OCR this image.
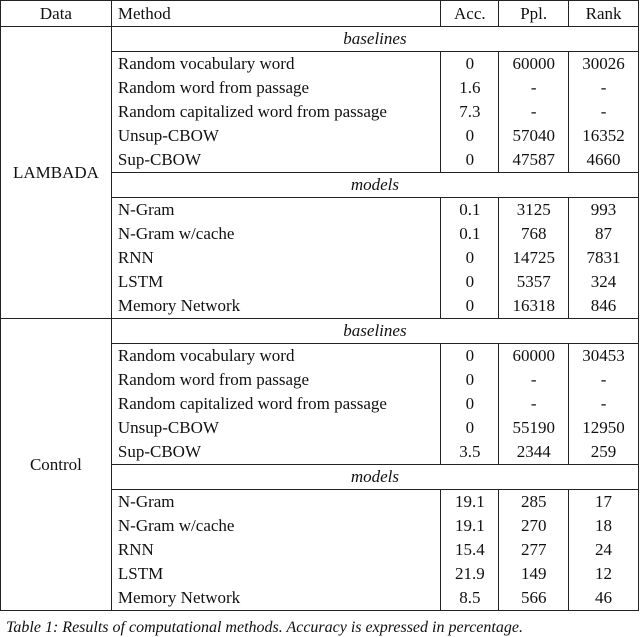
Data	Method	Acc.	Ppl.	Rank
LAMBADA	baselines			
	Random vocabulary word	0	60000	30026
	Random word from passage	1.6	-	-
	Random capitalized word from passage	7.3	-	-
	Unsup-CBOW	0	57040	16352
	Sup-CBOW	0	47587	4660
	models			
	N-Gram	0.1	3125	993
	N-Gram w/cache	0.1	768	87
	RNN	0	14725	7831
	LSTM	0	5357	324
	Memory Network	0	16318	846
Control	baselines			
	Random vocabulary word	0	60000	30453
	Random word from passage	0	-	-
	Random capitalized word from passage	0	-	-
	Unsup-CBOW	0	55190	12950
	Sup-CBOW	3.5	2344	259
	models			
	N-Gram	19.1	285	17
	N-Gram w/cache	19.1	270	18
	RNN	15.4	277	24
	LSTM	21.9	149	12
	Memory Network	8.5	566	46
Table 1: Results of computational methods. Accuracy is expressed in percentage.
